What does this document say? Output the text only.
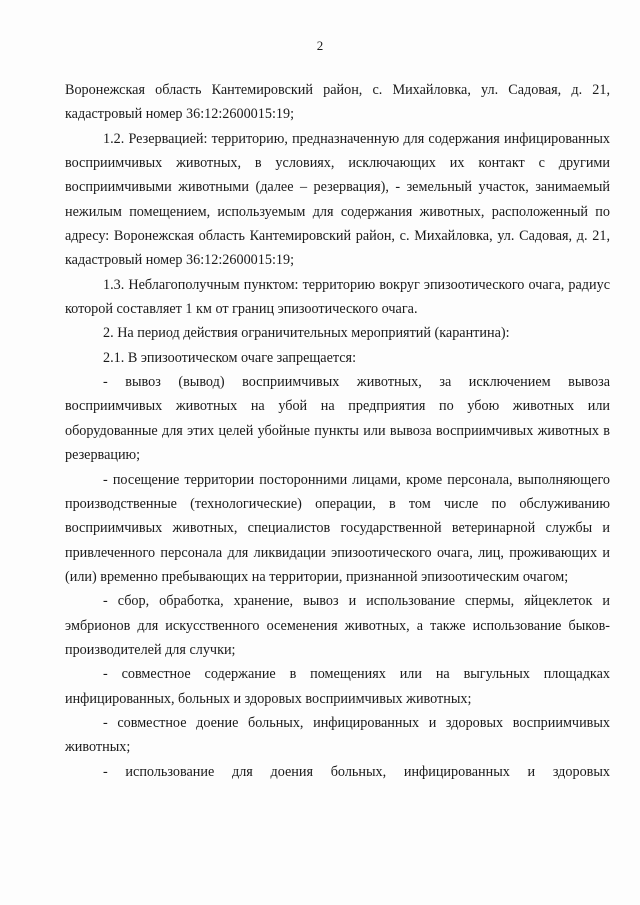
2

Воронежская область Кантемировский район, с. Михайловка, ул. Садовая, д. 21, кадастровый номер 36:12:2600015:19;

1.2. Резервацией: территорию, предназначенную для содержания инфицированных восприимчивых животных, в условиях, исключающих их контакт с другими восприимчивыми животными (далее – резервация), - земельный участок, занимаемый нежилым помещением, используемым для содержания животных, расположенный по адресу: Воронежская область Кантемировский район, с. Михайловка, ул. Садовая, д. 21, кадастровый номер 36:12:2600015:19;

1.3. Неблагополучным пунктом: территорию вокруг эпизоотического очага, радиус которой составляет 1 км от границ эпизоотического очага.

2. На период действия ограничительных мероприятий (карантина):

2.1. В эпизоотическом очаге запрещается:

- вывоз (вывод) восприимчивых животных, за исключением вывоза восприимчивых животных на убой на предприятия по убою животных или оборудованные для этих целей убойные пункты или вывоза восприимчивых животных в резервацию;

- посещение территории посторонними лицами, кроме персонала, выполняющего производственные (технологические) операции, в том числе по обслуживанию восприимчивых животных, специалистов государственной ветеринарной службы и привлеченного персонала для ликвидации эпизоотического очага, лиц, проживающих и (или) временно пребывающих на территории, признанной эпизоотическим очагом;

- сбор, обработка, хранение, вывоз и использование спермы, яйцеклеток и эмбрионов для искусственного осеменения животных, а также использование быков-производителей для случки;

- совместное содержание в помещениях или на выгульных площадках инфицированных, больных и здоровых восприимчивых животных;

- совместное доение больных, инфицированных и здоровых восприимчивых животных;

- использование для доения больных, инфицированных и здоровых
